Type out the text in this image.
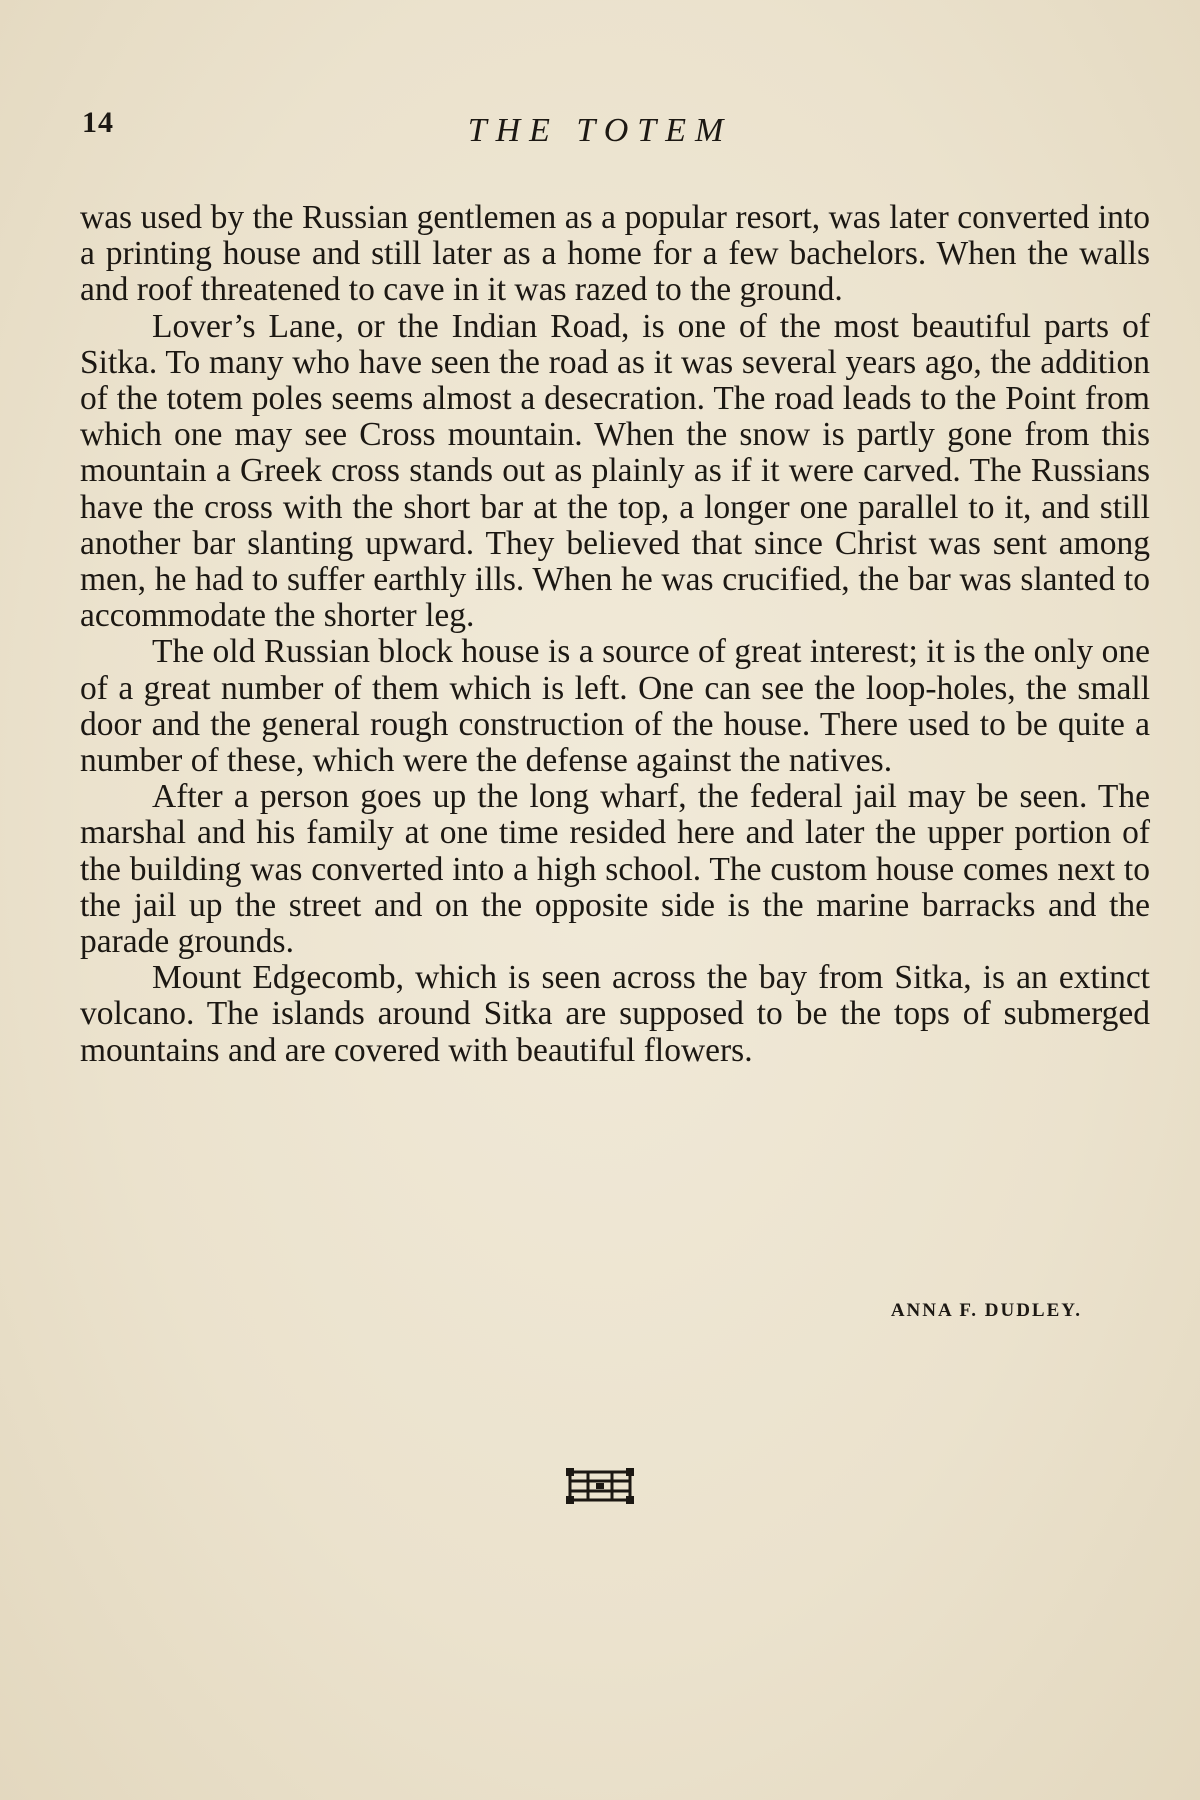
14	THE TOTEM

was used by the Russian gentlemen as a popular resort, was later converted into a printing house and still later as a home for a few bachelors. When the walls and roof threatened to cave in it was razed to the ground.

Lover’s Lane, or the Indian Road, is one of the most beautiful parts of Sitka. To many who have seen the road as it was several years ago, the addition of the totem poles seems almost a desecration. The road leads to the Point from which one may see Cross mountain. When the snow is partly gone from this mountain a Greek cross stands out as plainly as if it were carved. The Russians have the cross with the short bar at the top, a longer one parallel to it, and still another bar slanting upward. They believed that since Christ was sent among men, he had to suffer earthly ills. When he was crucified, the bar was slanted to accommodate the shorter leg.

The old Russian block house is a source of great interest; it is the only one of a great number of them which is left. One can see the loop-holes, the small door and the general rough construction of the house. There used to be quite a number of these, which were the defense against the natives.

After a person goes up the long wharf, the federal jail may be seen. The marshal and his family at one time resided here and later the upper portion of the building was converted into a high school. The custom house comes next to the jail up the street and on the opposite side is the marine barracks and the parade grounds.

Mount Edgecomb, which is seen across the bay from Sitka, is an extinct volcano. The islands around Sitka are supposed to be the tops of submerged mountains and are covered with beautiful flowers.

ANNA F. DUDLEY.
